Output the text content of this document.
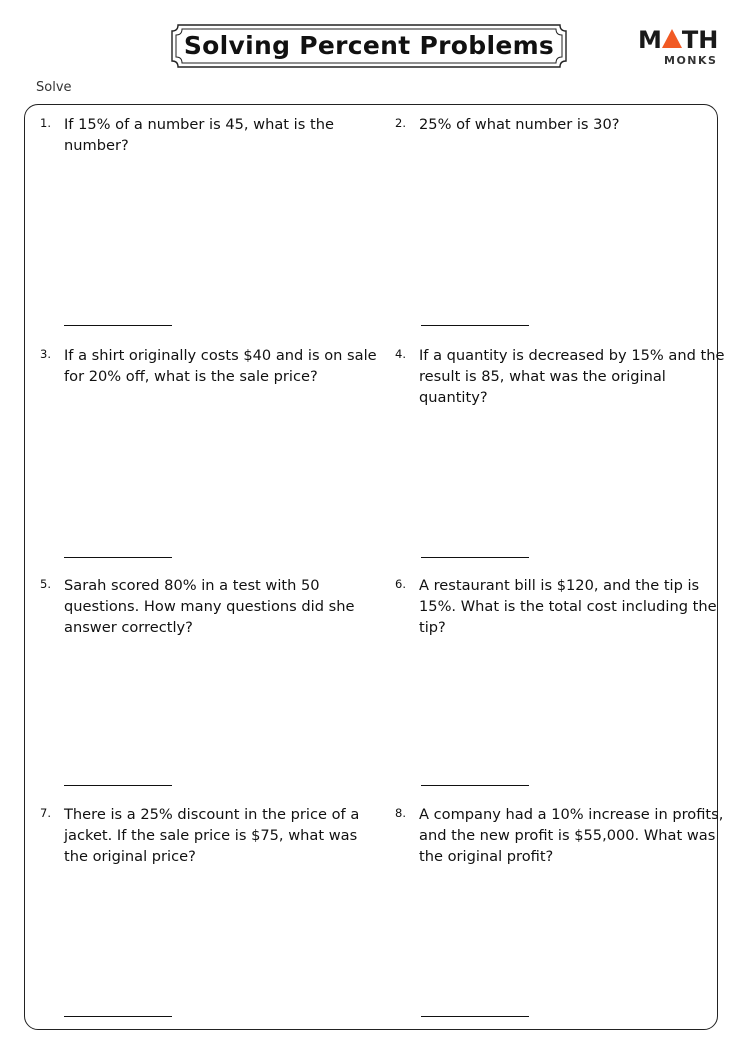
Solving Percent Problems	M TH
MONKS
Solve
1. If 15% of a number is 45, what is the number?
2. 25% of what number is 30?
3. If a shirt originally costs $40 and is on sale for 20% off, what is the sale price?
4. If a quantity is decreased by 15% and the result is 85, what was the original quantity?
5. Sarah scored 80% in a test with 50 questions. How many questions did she answer correctly?
6. A restaurant bill is $120, and the tip is 15%. What is the total cost including the tip?
7. There is a 25% discount in the price of a jacket. If the sale price is $75, what was the original price?
8. A company had a 10% increase in profits, and the new profit is $55,000. What was the original profit?
